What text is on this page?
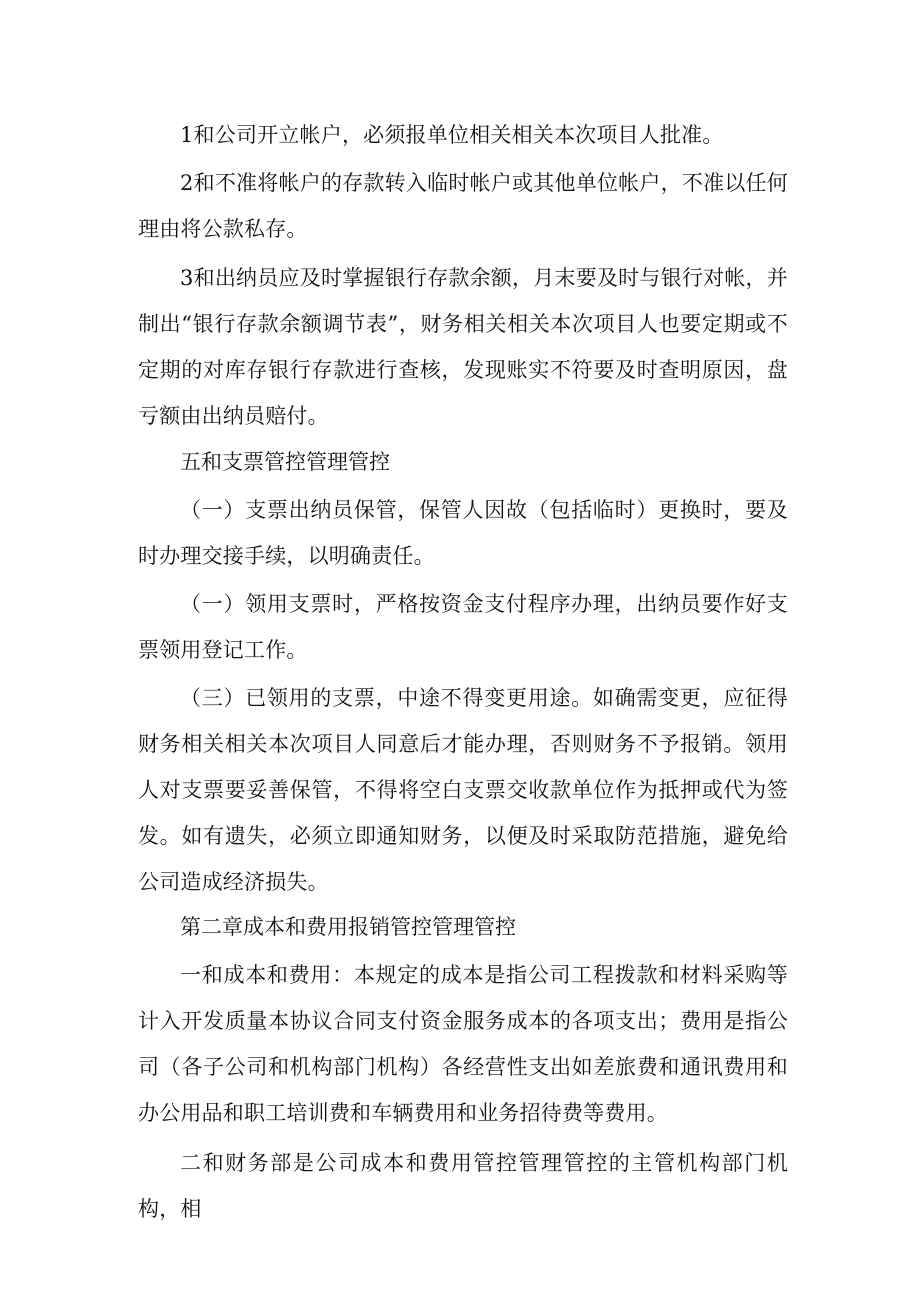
1和公司开立帐户，必须报单位相关相关本次项目人批准。

2和不准将帐户的存款转入临时帐户或其他单位帐户，不准以任何理由将公款私存。

3和出纳员应及时掌握银行存款余额，月末要及时与银行对帐，并制出“银行存款余额调节表”，财务相关相关本次项目人也要定期或不定期的对库存银行存款进行查核，发现账实不符要及时查明原因，盘亏额由出纳员赔付。

五和支票管控管理管控

（一）支票出纳员保管，保管人因故（包括临时）更换时，要及时办理交接手续，以明确责任。

（一）领用支票时，严格按资金支付程序办理，出纳员要作好支票领用登记工作。

（三）已领用的支票，中途不得变更用途。如确需变更，应征得财务相关相关本次项目人同意后才能办理，否则财务不予报销。领用人对支票要妥善保管，不得将空白支票交收款单位作为抵押或代为签发。如有遗失，必须立即通知财务，以便及时采取防范措施，避免给公司造成经济损失。

第二章成本和费用报销管控管理管控

一和成本和费用：本规定的成本是指公司工程拨款和材料采购等计入开发质量本协议合同支付资金服务成本的各项支出；费用是指公司（各子公司和机构部门机构）各经营性支出如差旅费和通讯费用和办公用品和职工培训费和车辆费用和业务招待费等费用。

二和财务部是公司成本和费用管控管理管控的主管机构部门机构，相
